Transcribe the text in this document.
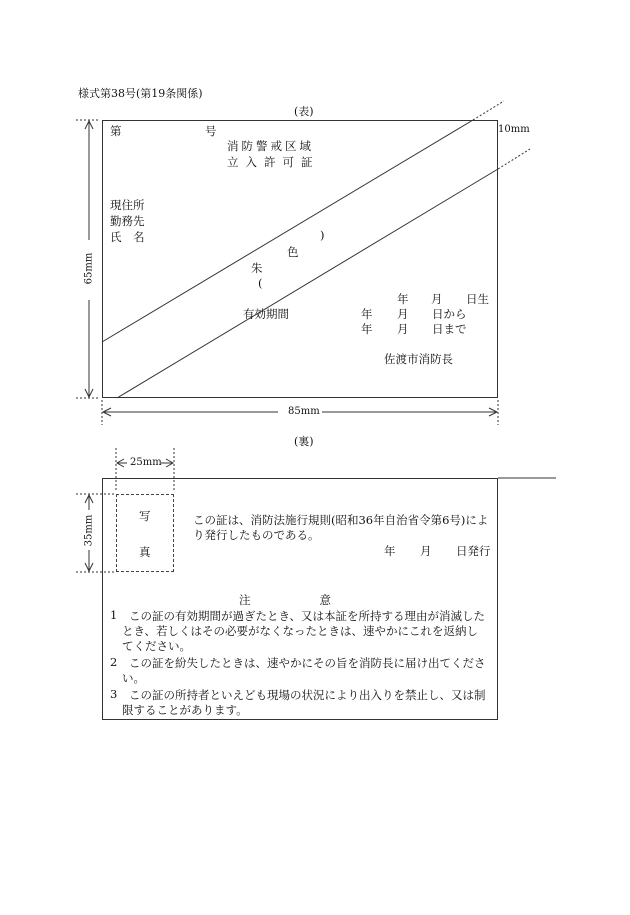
様式第38号(第19条関係)
(表)
65mm
85mm
10mm
第	号
消防警戒区域
立入許可証
現住所
勤務先
氏　名	)
色
朱
(
年 月 日生
有効期間	年 月 日から
年 月 日まで
佐渡市消防長
(裏)
25mm
写
真
35mm	この証は、消防法施行規則(昭和36年自治省令第6号)によ
り発行したものである。
年 月 日発行
注　　　　　　意
1 この証の有効期間が過ぎたとき、又は本証を所持する理由が消滅した
とき、若しくはその必要がなくなったときは、速やかにこれを返納し
てください。
2 この証を紛失したときは、速やかにその旨を消防長に届け出てくださ
い。
3 この証の所持者といえども現場の状況により出入りを禁止し、又は制
限することがあります。
